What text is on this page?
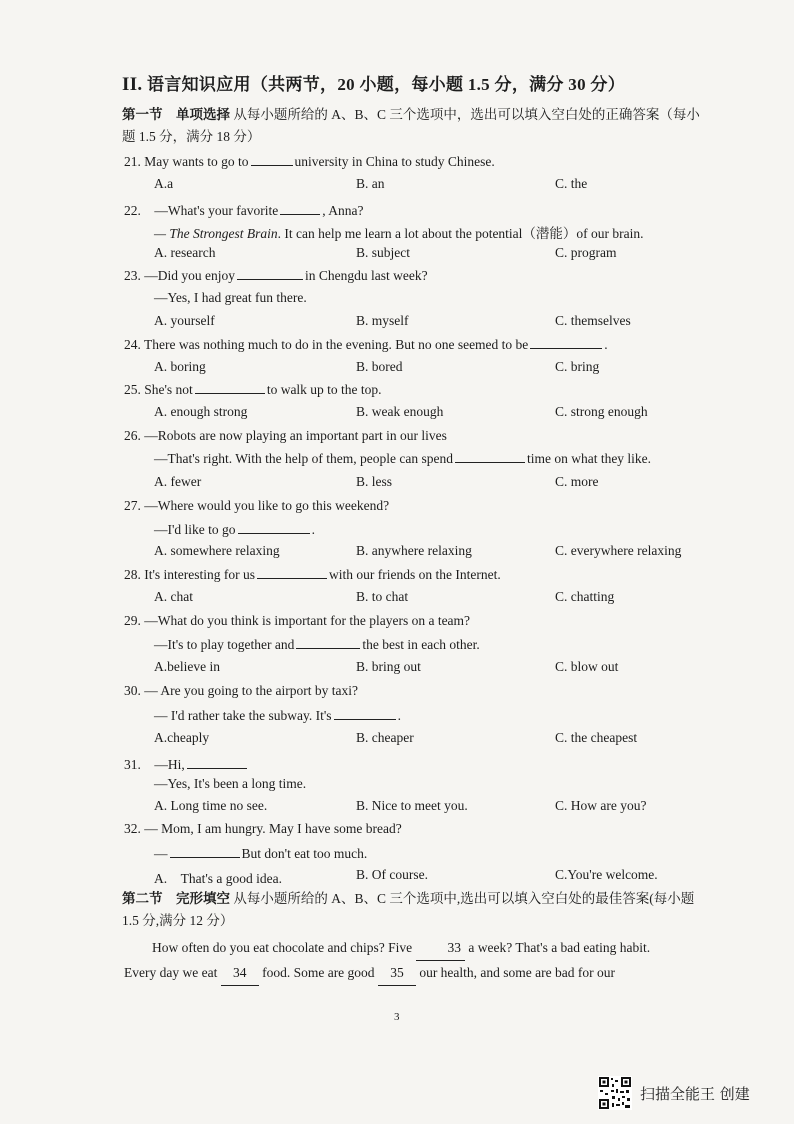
II. 语言知识应用（共两节，20 小题，每小题 1.5 分，满分 30 分）
第一节　单项选择 从每小题所给的 A、B、C 三个选项中，选出可以填入空白处的正确答案（每小题 1.5 分，满分 18 分）
21. May wants to go to	university in China to study Chinese.
A.a	B. an	C. the
22.　—What's your favorite	, Anna?
— The Strongest Brain. It can help me learn a lot about the potential（潜能）of our brain.
A. research	B. subject	C. program
23. —Did you enjoy	in Chengdu last week?
—Yes, I had great fun there.
A. yourself	B. myself	C. themselves
24. There was nothing much to do in the evening. But no one seemed to be	.
A. boring	B. bored	C. bring
25. She's not	to walk up to the top.
A. enough strong	B. weak enough	C. strong enough
26. —Robots are now playing an important part in our lives
—That's right. With the help of them, people can spend	time on what they like.
A. fewer	B. less	C. more
27. —Where would you like to go this weekend?
—I'd like to go	.
A. somewhere relaxing	B. anywhere relaxing	C. everywhere relaxing
28. It's interesting for us	with our friends on the Internet.
A. chat	B. to chat	C. chatting
29. —What do you think is important for the players on a team?
—It's to play together and	the best in each other.
A.believe in	B. bring out	C. blow out
30. — Are you going to the airport by taxi?
— I'd rather take the subway. It's	.
A.cheaply	B. cheaper	C. the cheapest
31.　—Hi,
—Yes, It's been a long time.
A. Long time no see.	B. Nice to meet you.	C. How are you?
32. — Mom, I am hungry. May I have some bread?
—	But don't eat too much.
A.　That's a good idea.	B. Of course.	C.You're welcome.
第二节　完形填空 从每小题所给的 A、B、C 三个选项中,选出可以填入空白处的最佳答案(每小题 1.5 分,满分 12 分）
How often do you eat chocolate and chips? Five	33 a week? That's a bad eating habit.
Every day we eat 34 food. Some are good 35 our health, and some are bad for our
3
扫描全能王 创建
